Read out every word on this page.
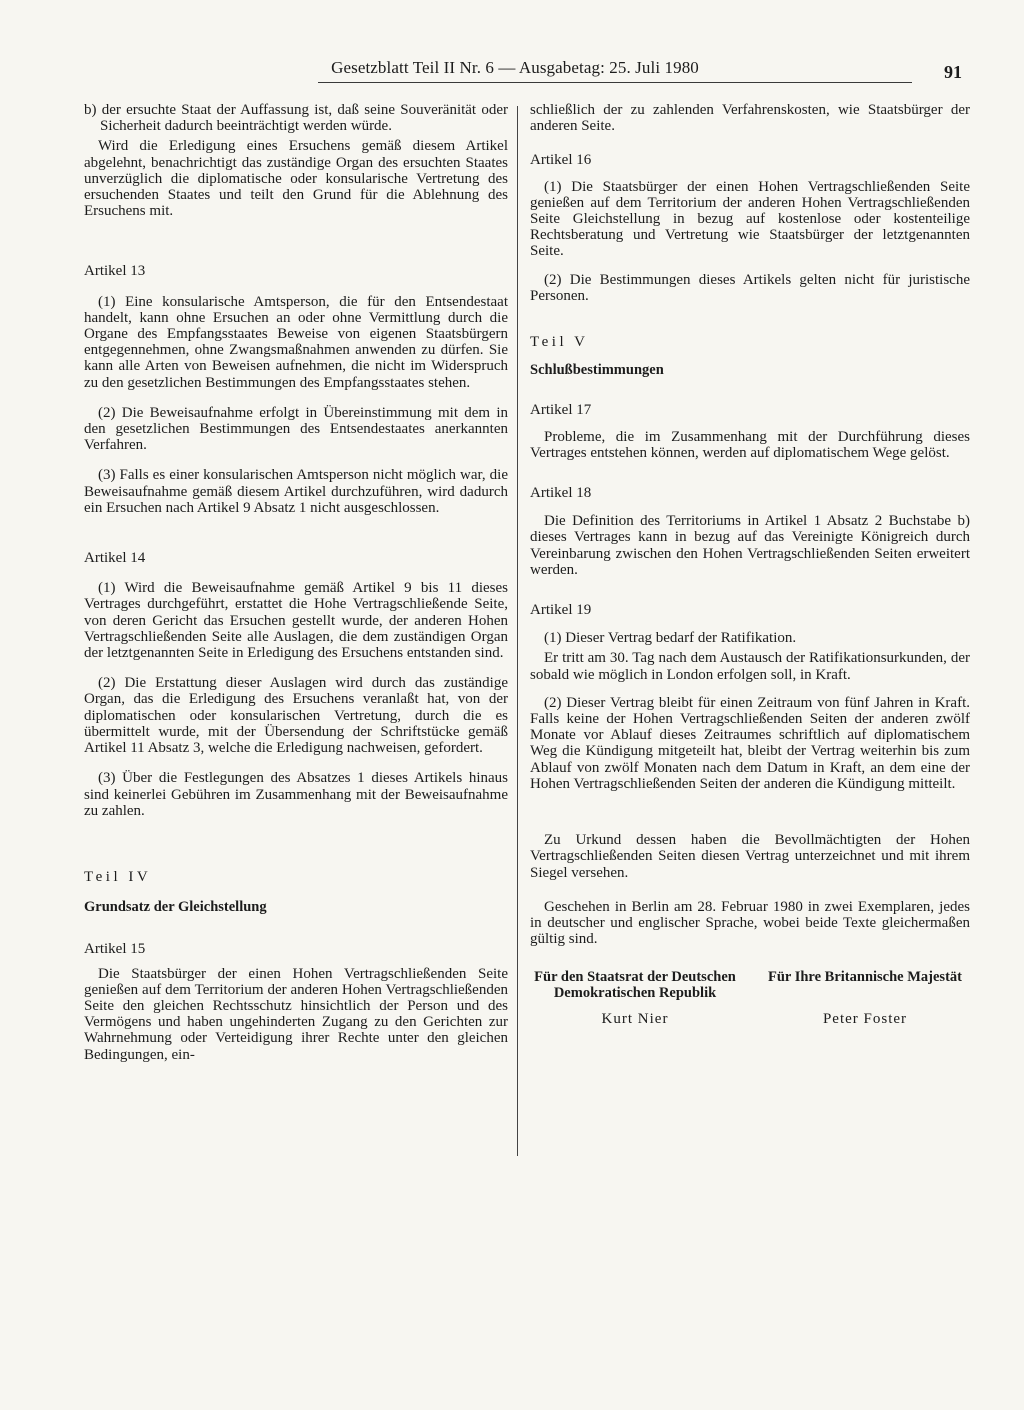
Gesetzblatt Teil II Nr. 6 — Ausgabetag: 25. Juli 1980	91

b) der ersuchte Staat der Auffassung ist, daß seine Souveränität oder Sicherheit dadurch beeinträchtigt werden würde.

Wird die Erledigung eines Ersuchens gemäß diesem Artikel abgelehnt, benachrichtigt das zuständige Organ des ersuchten Staates unverzüglich die diplomatische oder konsularische Vertretung des ersuchenden Staates und teilt den Grund für die Ablehnung des Ersuchens mit.

Artikel 13

(1) Eine konsularische Amtsperson, die für den Entsendestaat handelt, kann ohne Ersuchen an oder ohne Vermittlung durch die Organe des Empfangsstaates Beweise von eigenen Staatsbürgern entgegennehmen, ohne Zwangsmaßnahmen anwenden zu dürfen. Sie kann alle Arten von Beweisen aufnehmen, die nicht im Widerspruch zu den gesetzlichen Bestimmungen des Empfangsstaates stehen.

(2) Die Beweisaufnahme erfolgt in Übereinstimmung mit dem in den gesetzlichen Bestimmungen des Entsendestaates anerkannten Verfahren.

(3) Falls es einer konsularischen Amtsperson nicht möglich war, die Beweisaufnahme gemäß diesem Artikel durchzuführen, wird dadurch ein Ersuchen nach Artikel 9 Absatz 1 nicht ausgeschlossen.

Artikel 14

(1) Wird die Beweisaufnahme gemäß Artikel 9 bis 11 dieses Vertrages durchgeführt, erstattet die Hohe Vertragschließende Seite, von deren Gericht das Ersuchen gestellt wurde, der anderen Hohen Vertragschließenden Seite alle Auslagen, die dem zuständigen Organ der letztgenannten Seite in Erledigung des Ersuchens entstanden sind.

(2) Die Erstattung dieser Auslagen wird durch das zuständige Organ, das die Erledigung des Ersuchens veranlaßt hat, von der diplomatischen oder konsularischen Vertretung, durch die es übermittelt wurde, mit der Übersendung der Schriftstücke gemäß Artikel 11 Absatz 3, welche die Erledigung nachweisen, gefordert.

(3) Über die Festlegungen des Absatzes 1 dieses Artikels hinaus sind keinerlei Gebühren im Zusammenhang mit der Beweisaufnahme zu zahlen.

Teil IV

Grundsatz der Gleichstellung

Artikel 15

Die Staatsbürger der einen Hohen Vertragschließenden Seite genießen auf dem Territorium der anderen Hohen Vertragschließenden Seite den gleichen Rechtsschutz hinsichtlich der Person und des Vermögens und haben ungehinderten Zugang zu den Gerichten zur Wahrnehmung oder Verteidigung ihrer Rechte unter den gleichen Bedingungen, ein-

schließlich der zu zahlenden Verfahrenskosten, wie Staatsbürger der anderen Seite.

Artikel 16

(1) Die Staatsbürger der einen Hohen Vertragschließenden Seite genießen auf dem Territorium der anderen Hohen Vertragschließenden Seite Gleichstellung in bezug auf kostenlose oder kostenteilige Rechtsberatung und Vertretung wie Staatsbürger der letztgenannten Seite.

(2) Die Bestimmungen dieses Artikels gelten nicht für juristische Personen.

Teil V

Schlußbestimmungen

Artikel 17

Probleme, die im Zusammenhang mit der Durchführung dieses Vertrages entstehen können, werden auf diplomatischem Wege gelöst.

Artikel 18

Die Definition des Territoriums in Artikel 1 Absatz 2 Buchstabe b) dieses Vertrages kann in bezug auf das Vereinigte Königreich durch Vereinbarung zwischen den Hohen Vertragschließenden Seiten erweitert werden.

Artikel 19

(1) Dieser Vertrag bedarf der Ratifikation.

Er tritt am 30. Tag nach dem Austausch der Ratifikationsurkunden, der sobald wie möglich in London erfolgen soll, in Kraft.

(2) Dieser Vertrag bleibt für einen Zeitraum von fünf Jahren in Kraft. Falls keine der Hohen Vertragschließenden Seiten der anderen zwölf Monate vor Ablauf dieses Zeitraumes schriftlich auf diplomatischem Weg die Kündigung mitgeteilt hat, bleibt der Vertrag weiterhin bis zum Ablauf von zwölf Monaten nach dem Datum in Kraft, an dem eine der Hohen Vertragschließenden Seiten der anderen die Kündigung mitteilt.

Zu Urkund dessen haben die Bevollmächtigten der Hohen Vertragschließenden Seiten diesen Vertrag unterzeichnet und mit ihrem Siegel versehen.

Geschehen in Berlin am 28. Februar 1980 in zwei Exemplaren, jedes in deutscher und englischer Sprache, wobei beide Texte gleichermaßen gültig sind.

Für den Staatsrat der Deutschen Demokratischen Republik
Kurt Nier
Für Ihre Britannische Majestät
Peter Foster
